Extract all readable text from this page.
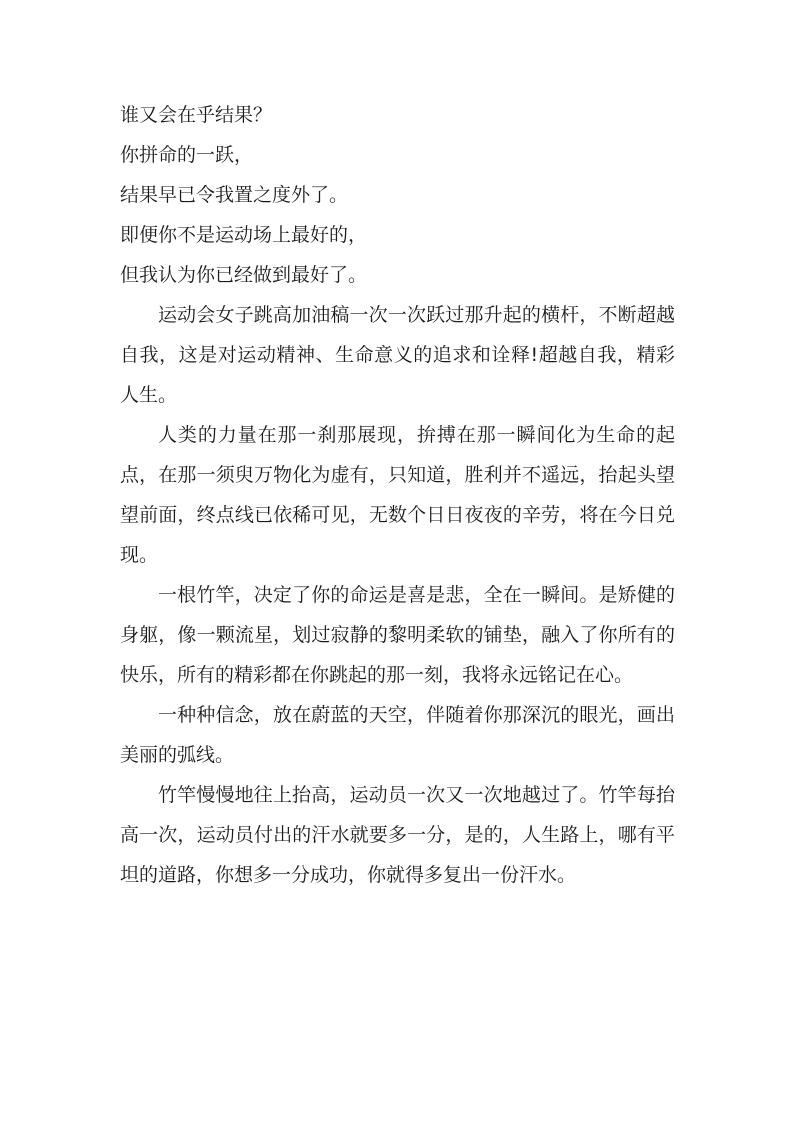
谁又会在乎结果？

你拼命的一跃，

结果早已令我置之度外了。

即便你不是运动场上最好的，

但我认为你已经做到最好了。

运动会女子跳高加油稿一次一次跃过那升起的横杆，不断超越自我，这是对运动精神、生命意义的追求和诠释!超越自我，精彩人生。

人类的力量在那一刹那展现，拚搏在那一瞬间化为生命的起点，在那一须臾万物化为虚有，只知道，胜利并不遥远，抬起头望望前面，终点线已依稀可见，无数个日日夜夜的辛劳，将在今日兑现。

一根竹竿，决定了你的命运是喜是悲，全在一瞬间。是矫健的身躯，像一颗流星，划过寂静的黎明柔软的铺垫，融入了你所有的快乐，所有的精彩都在你跳起的那一刻，我将永远铭记在心。

一种种信念，放在蔚蓝的天空，伴随着你那深沉的眼光，画出美丽的弧线。

竹竿慢慢地往上抬高，运动员一次又一次地越过了。竹竿每抬高一次，运动员付出的汗水就要多一分，是的，人生路上，哪有平坦的道路，你想多一分成功，你就得多复出一份汗水。
